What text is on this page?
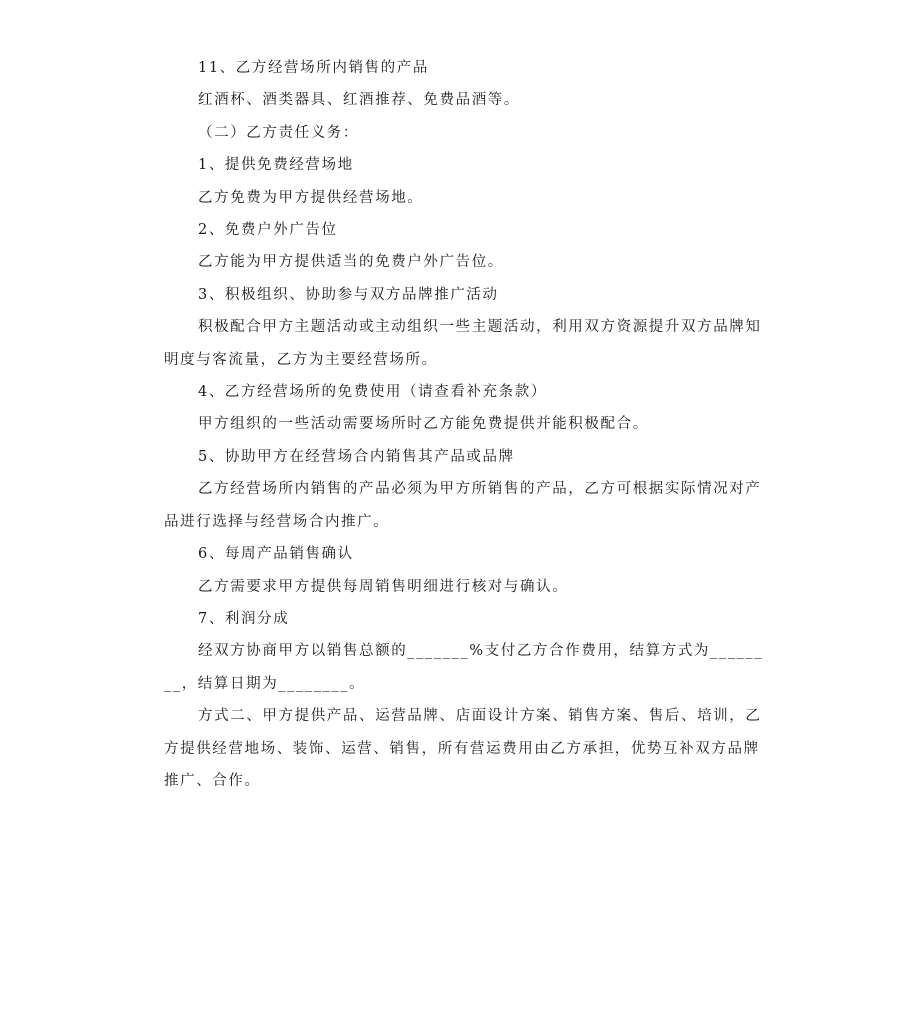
11、乙方经营场所内销售的产品

红酒杯、酒类器具、红酒推荐、免费品酒等。

（二）乙方责任义务：

1、提供免费经营场地

乙方免费为甲方提供经营场地。

2、免费户外广告位

乙方能为甲方提供适当的免费户外广告位。

3、积极组织、协助参与双方品牌推广活动

积极配合甲方主题活动或主动组织一些主题活动，利用双方资源提升双方品牌知明度与客流量，乙方为主要经营场所。

4、乙方经营场所的免费使用（请查看补充条款）

甲方组织的一些活动需要场所时乙方能免费提供并能积极配合。

5、协助甲方在经营场合内销售其产品或品牌

乙方经营场所内销售的产品必须为甲方所销售的产品，乙方可根据实际情况对产品进行选择与经营场合内推广。

6、每周产品销售确认

乙方需要求甲方提供每周销售明细进行核对与确认。

7、利润分成

经双方协商甲方以销售总额的_______%支付乙方合作费用，结算方式为________，结算日期为________。

方式二、甲方提供产品、运营品牌、店面设计方案、销售方案、售后、培训，乙方提供经营地场、装饰、运营、销售，所有营运费用由乙方承担，优势互补双方品牌推广、合作。
